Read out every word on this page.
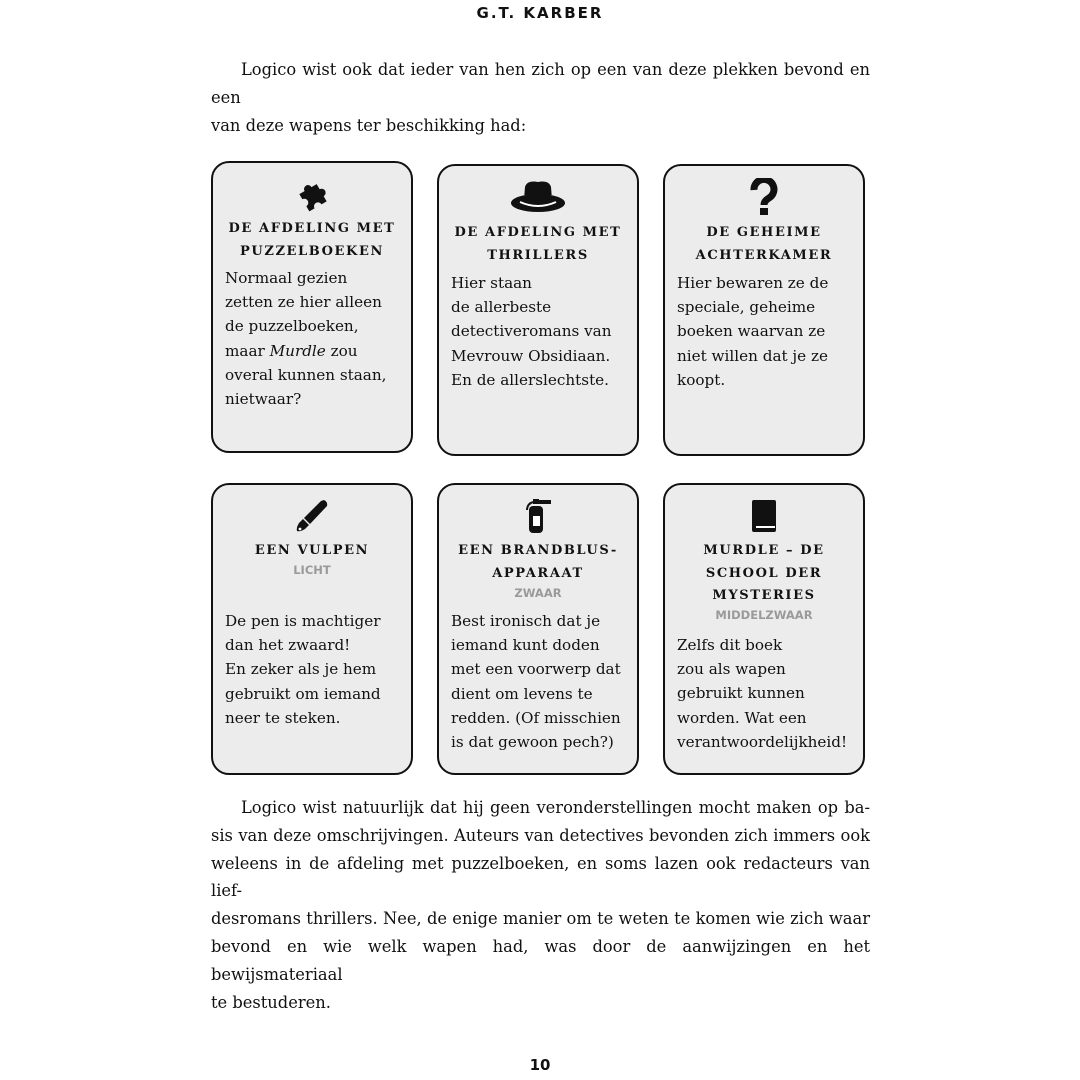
G.T. KARBER
Logico wist ook dat ieder van hen zich op een van deze plekken bevond en een
van deze wapens ter beschikking had:
DE AFDELING MET
PUZZELBOEKEN
Normaal gezien
zetten ze hier alleen
de puzzelboeken,
maar Murdle zou
overal kunnen staan,
nietwaar?
DE AFDELING MET
THRILLERS
Hier staan
de allerbeste
detectiveromans van
Mevrouw Obsidiaan.
En de allerslechtste.
DE GEHEIME
ACHTERKAMER
Hier bewaren ze de
speciale, geheime
boeken waarvan ze
niet willen dat je ze
koopt.
EEN VULPEN
LICHT
De pen is machtiger
dan het zwaard!
En zeker als je hem
gebruikt om iemand
neer te steken.
EEN BRANDBLUS-
APPARAAT
ZWAAR
Best ironisch dat je
iemand kunt doden
met een voorwerp dat
dient om levens te
redden. (Of misschien
is dat gewoon pech?)
MURDLE – DE
SCHOOL DER
MYSTERIES
MIDDELZWAAR
Zelfs dit boek
zou als wapen
gebruikt kunnen
worden. Wat een
verantwoordelijkheid!
Logico wist natuurlijk dat hij geen veronderstellingen mocht maken op ba-
sis van deze omschrijvingen. Auteurs van detectives bevonden zich immers ook
weleens in de afdeling met puzzelboeken, en soms lazen ook redacteurs van lief-
desromans thrillers. Nee, de enige manier om te weten te komen wie zich waar
bevond en wie welk wapen had, was door de aanwijzingen en het bewijsmateriaal
te bestuderen.
10
